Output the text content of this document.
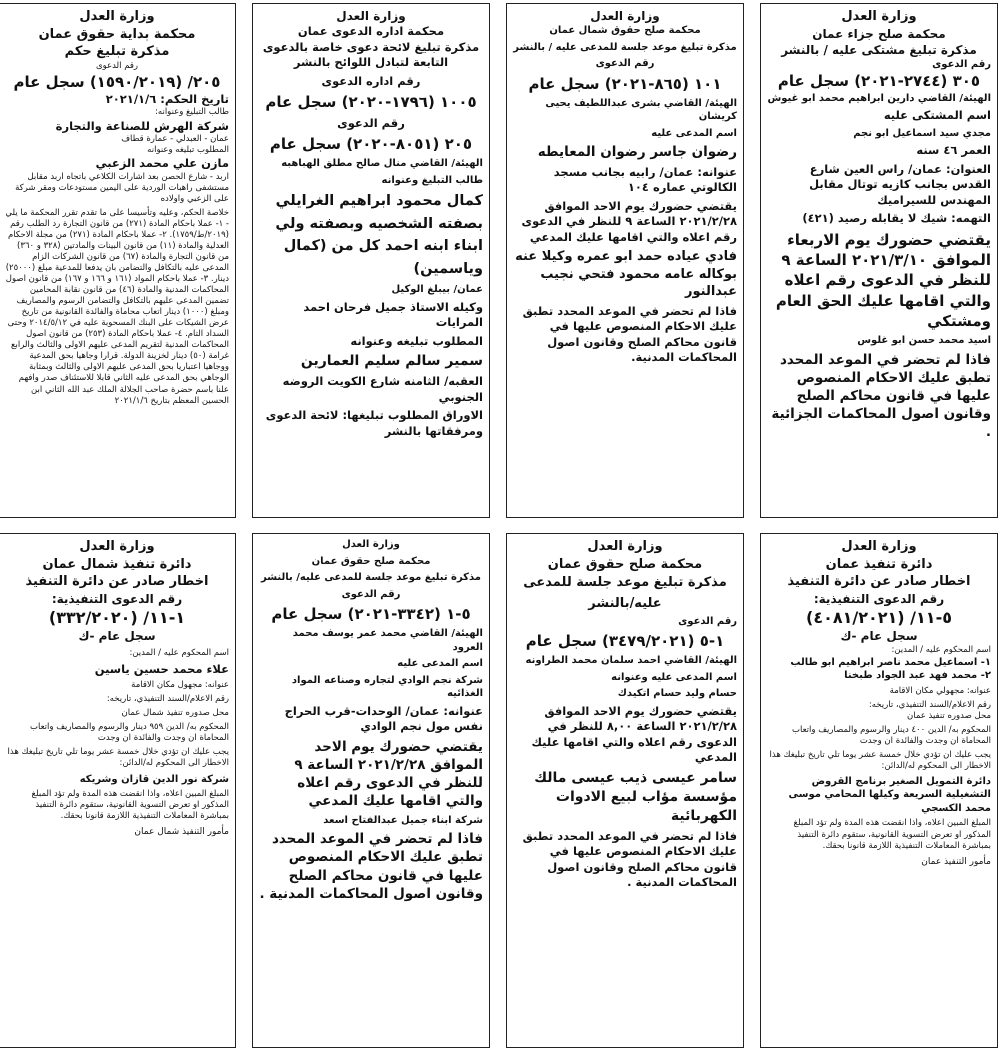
وزارة العدل
محكمة صلح جزاء عمان
مذكرة تبليغ مشتكى عليه / بالنشر
رقم الدعوى
٣٠٥ (٢٧٤٤-٢٠٢١) سجل عام
الهيئة/ القاضي دارين ابراهيم محمد ابو غيوش
اسم المشتكى عليه
مجدي سيد اسماعيل ابو نجم
العمر ٤٦ سنه
العنوان: عمان/ راس العين شارع القدس بجانب كازيه توتال مقابل المهندس للسيراميك
التهمه: شيك لا يقابله رصيد (٤٢١)
يقتضي حضورك يوم الاربعاء الموافق ٢٠٢١/٣/١٠ الساعة ٩ للنظر في الدعوى رقم اعلاه والتي اقامها عليك الحق العام ومشتكي
اسيد محمد حسن ابو غلوس
فاذا لم تحضر في الموعد المحدد تطبق عليك الاحكام المنصوص عليها في قانون محاكم الصلح وقانون اصول المحاكمات الجزائية .
وزارة العدل
محكمة صلح حقوق شمال عمان
مذكرة تبليغ موعد جلسة للمدعى عليه / بالنشر
رقم الدعوى
١٠١ (٨٦٥-٢٠٢١) سجل عام
الهيئة/ القاضي بشرى عبداللطيف يحيى كريشان
اسم المدعى عليه
رضوان جاسر رضوان المعايطه
عنوانه: عمان/ رابيه بجانب مسجد الكالوتي عماره ١٠٤
يقتضي حضورك يوم الاحد الموافق ٢٠٢١/٢/٢٨ الساعة ٩ للنظر في الدعوى رقم اعلاه والتي اقامها عليك المدعي
فادي عياده حمد ابو عمره وكيلا عنه بوكاله عامه محمود فتحي نجيب عبدالنور
فاذا لم تحضر في الموعد المحدد تطبق عليك الاحكام المنصوص عليها في قانون محاكم الصلح وقانون اصول المحاكمات المدنية.
وزارة العدل
محكمة اداره الدعوى عمان
مذكرة تبليغ لائحة دعوى خاصة بالدعوى التابعة لتبادل اللوائح بالنشر
رقم اداره الدعوى
١٠٠٥ (١٧٩٦-٢٠٢٠) سجل عام
رقم الدعوى
٢٠٥ (٨٠٥١-٢٠٢٠) سجل عام
الهيئة/ القاضي منال صالح مطلق الهباهبه
طالب التبليغ وعنوانه
كمال محمود ابراهيم الغرايلي بصفته الشخصيه وبصفته ولي ابناء ابنه احمد كل من (كمال وياسمين)
عمان/ بيبلغ الوكيل
وكيله الاستاذ جميل فرحان احمد المرايات
المطلوب تبليغه وعنوانه
سمير سالم سليم العمارين
العقبه/ الثامنه شارع الكويت الروضه الجنوبي
الاوراق المطلوب تبليغها: لائحة الدعوى ومرفقاتها بالنشر
وزارة العدل
محكمة بداية حقوق عمان
مذكرة تبليغ حكم
رقم الدعوى
٢٠٥/ (١٥٩٠/٢٠١٩) سجل عام
تاريخ الحكم: ٢٠٢١/١/٦
طالب التبليغ وعنوانه:
شركة الهرش للصناعة والتجارة
عمان - العبدلي - عمارة قطاف
المطلوب تبليغه وعنوانه
مازن علي محمد الزعبي
اربد - شارع الحصن بعد اشارات الكلاعي باتجاه اربد مقابل مستشفى راهبات الوردية على اليمين مستودعات ومقر شركة على الزعبي واولاده
خلاصة الحكم، وعليه وتأسيسا على ما تقدم تقرر المحكمة ما يلي - ١- عملا باحكام المادة (٢٧١) من قانون التجارة رد الطلب رقم (٢٠١٩/ط/١٧٥٩). ٢- عملا باحكام المادة (٢٧١) من مجلة الاحكام العدلية والمادة (١١) من قانون البينات والمادتين (٣٢٨ و ٣٦٠) من قانون التجارة والمادة (٦٧) من قانون الشركات الزام المدعى عليه بالتكافل والتضامن بان يدفعا للمدعية مبلغ (٢٥٠٠٠) دينار. ٣- عملا باحكام المواد (١٦١ و ١٦٦ و ١٦٧) من قانون اصول المحاكمات المدنية والمادة (٤٦) من قانون نقابة المحامين تضمين المدعى عليهم بالتكافل والتضامن الرسوم والمصاريف ومبلغ (١٠٠٠) دينار اتعاب محاماة والفائدة القانونية من تاريخ عرض الشيكات على البنك المسحوبة عليه في ٢٠١٤/٥/١٢ وحتى السداد التام. ٤- عملا باحكام المادة (٢٥٣) من قانون اصول المحاكمات المدنية لتقريم المدعى عليهم الاولى والثالث والرابع غرامة (٥٠) دينار لخزينة الدولة. قرارا وجاهيا بحق المدعية ووجاهيا اعتباريا بحق المدعى عليهم الاولى والثالث وبمثابة الوجاهي بحق المدعى عليه الثاني قابلا للاستئناف صدر وافهم علنا باسم حضرة صاحب الجلالة الملك عبد الله الثاني ابن الحسين المعظم بتاريخ ٢٠٢١/١/٦
وزارة العدل
دائرة تنفيذ عمان
اخطار صادر عن دائرة التنفيذ
رقم الدعوى التنفيذية:
٥-١١/ (٤٠٨١/٢٠٢١)
سجل عام -ك
اسم المحكوم عليه / المدين:
١- اسماعيل محمد ناصر ابراهيم ابو طالب
٢- محمد فهد عبد الجواد طبخنا
عنوانه: مجهولي مكان الاقامة
رقم الاعلام/السند التنفيذي، تاريخه:
محل صدوره تنفيذ عمان
المحكوم به/ الدين ٤٠٠ دينار والرسوم والمصاريف واتعاب المحاماة ان وجدت والفائدة ان وجدت
يجب عليك ان تؤدي خلال خمسة عشر يوما تلي تاريخ تبليغك هذا الاخطار الى المحكوم له/الدائن:
دائرة التمويل الصغير برنامج القروض التشغيلية السريعة وكيلها المحامي موسى محمد الكسجي
المبلغ المبين اعلاه، واذا انقضت هذه المدة ولم تؤد المبلغ المذكور او تعرض التسوية القانونية، ستقوم دائرة التنفيذ بمباشرة المعاملات التنفيذية اللازمة قانونا بحقك.
مأمور التنفيذ عمان
وزارة العدل
محكمة صلح حقوق عمان
مذكرة تبليغ موعد جلسة للمدعى عليه/بالنشر
رقم الدعوى
١-٥ (٣٤٧٩/٢٠٢١) سجل عام
الهيئة/ القاضي احمد سلمان محمد الطراونه
اسم المدعى عليه وعنوانه
حسام وليد حسام اتكيدك
يقتضي حضورك يوم الاحد الموافق ٢٠٢١/٢/٢٨ الساعة ٨,٠٠ للنظر في الدعوى رقم اعلاه والتي اقامها عليك المدعي
سامر عيسى ذيب عيسى مالك مؤسسة مؤاب لبيع الادوات الكهربائية
فاذا لم تحضر في الموعد المحدد تطبق عليك الاحكام المنصوص عليها في قانون محاكم الصلح وقانون اصول المحاكمات المدنية .
وزارة العدل
محكمة صلح حقوق عمان
مذكرة تبليغ موعد جلسة للمدعى عليه/ بالنشر
رقم الدعوى
٥-١ (٣٣٤٢-٢٠٢١) سجل عام
الهيئة/ القاضي محمد عمر يوسف محمد العرود
اسم المدعى عليه
شركة نجم الوادي لتجاره وصناعه المواد الغذائيه
عنوانه: عمان/ الوحدات-قرب الحراج نفس مول نجم الوادي
يقتضي حضورك يوم الاحد الموافق ٢٠٢١/٢/٢٨ الساعة ٩ للنظر في الدعوى رقم اعلاه والتي اقامها عليك المدعي
شركة ابناء جميل عبدالفتاح اسعد
فاذا لم تحضر في الموعد المحدد تطبق عليك الاحكام المنصوص عليها في قانون محاكم الصلح وقانون اصول المحاكمات المدنية .
وزارة العدل
دائرة تنفيذ شمال عمان
اخطار صادر عن دائرة التنفيذ
رقم الدعوى التنفيذية:
١-١١/ (٣٣٢/٢٠٢٠)
سجل عام -ك
اسم المحكوم عليه / المدين:
علاء محمد حسين ياسين
عنوانه: مجهول مكان الاقامة
رقم الاعلام/السند التنفيذي، تاريخه:
محل صدوره تنفيذ شمال عمان
المحكوم به/ الدين ٩٥٩ دينار والرسوم والمصاريف واتعاب المحاماة ان وجدت والفائدة ان وجدت
يجب عليك ان تؤدي خلال خمسة عشر يوما تلي تاريخ تبليغك هذا الاخطار الى المحكوم له/الدائن:
شركة نور الدين قازان وشريكه
المبلغ المبين اعلاه، واذا انقضت هذه المدة ولم تؤد المبلغ المذكور او تعرض التسوية القانونية، ستقوم دائرة التنفيذ بمباشرة المعاملات التنفيذية اللازمة قانونا بحقك.
مأمور التنفيذ شمال عمان
